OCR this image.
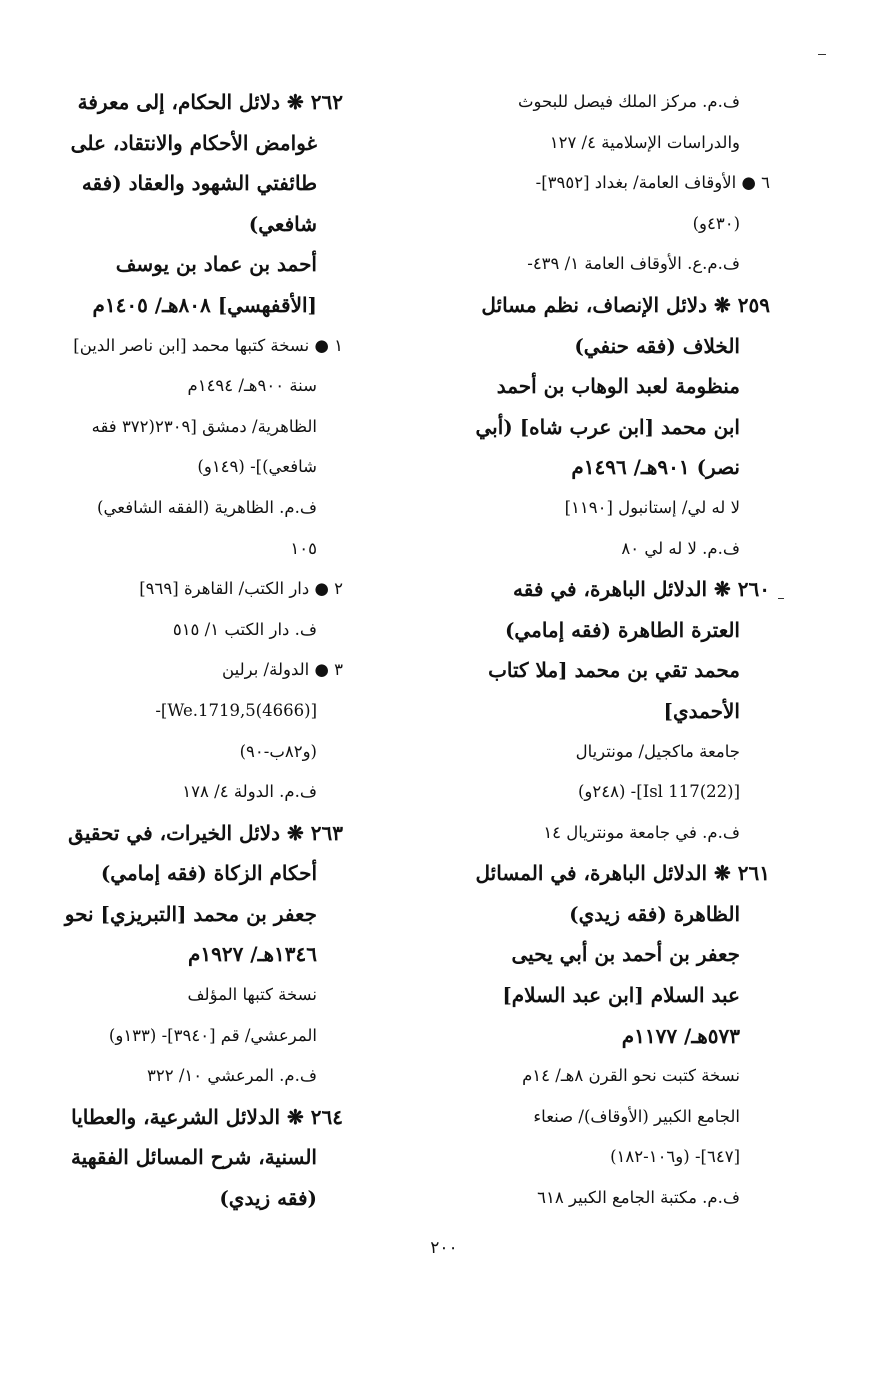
ف.م. مركز الملك فيصل للبحوث
والدراسات الإسلامية ٤/ ١٢٧
٦ ● الأوقاف العامة/ بغداد [٣٩٥٢]-
(٤٣٠و)
ف.م.ع. الأوقاف العامة ١/ ٤٣٩-
٢٥٩ ❋ دلائل الإنصاف، نظم مسائل
الخلاف (فقه حنفي)
منظومة لعبد الوهاب بن أحمد
ابن محمد [ابن عرب شاه] (أبي
نصر) ٩٠١هـ/ ١٤٩٦م
لا له لي/ إستانبول [١١٩٠]
ف.م. لا له لي ٨٠
٢٦٠ ❋ الدلائل الباهرة، في فقه
العترة الطاهرة (فقه إمامي)
محمد تقي بن محمد [ملا كتاب
الأحمدي]
جامعة ماكجيل/ مونتريال
[Isl 117(22)]- (٢٤٨و)
ف.م. في جامعة مونتريال ١٤
٢٦١ ❋ الدلائل الباهرة، في المسائل
الظاهرة (فقه زيدي)
جعفر بن أحمد بن أبي يحيى
عبد السلام [ابن عبد السلام]
٥٧٣هـ/ ١١٧٧م
نسخة كتبت نحو القرن ٨هـ/ ١٤م
الجامع الكبير (الأوقاف)/ صنعاء
[٦٤٧]- (و١٠٦-١٨٢)
ف.م. مكتبة الجامع الكبير ٦١٨
٢٦٢ ❋ دلائل الحكام، إلى معرفة
غوامض الأحكام والانتقاد، على
طائفتي الشهود والعقاد (فقه
شافعي)
أحمد بن عماد بن يوسف
[الأقفهسي] ٨٠٨هـ/ ١٤٠٥م
١ ● نسخة كتبها محمد [ابن ناصر الدين]
سنة ٩٠٠هـ/ ١٤٩٤م
الظاهرية/ دمشق [٢٣٠٩(٣٧٢ فقه
شافعي)]- (١٤٩و)
ف.م. الظاهرية (الفقه الشافعي)
١٠٥
٢ ● دار الكتب/ القاهرة [٩٦٩]
ف. دار الكتب ١/ ٥١٥
٣ ● الدولة/ برلين
[We.1719,5(4666)]-
(و٨٢ب-٩٠)
ف.م. الدولة ٤/ ١٧٨
٢٦٣ ❋ دلائل الخيرات، في تحقيق
أحكام الزكاة (فقه إمامي)
جعفر بن محمد [التبريزي] نحو
١٣٤٦هـ/ ١٩٢٧م
نسخة كتبها المؤلف
المرعشي/ قم [٣٩٤٠]- (١٣٣و)
ف.م. المرعشي ١٠/ ٣٢٢
٢٦٤ ❋ الدلائل الشرعية، والعطايا
السنية، شرح المسائل الفقهية
(فقه زيدي)
٢٠٠
